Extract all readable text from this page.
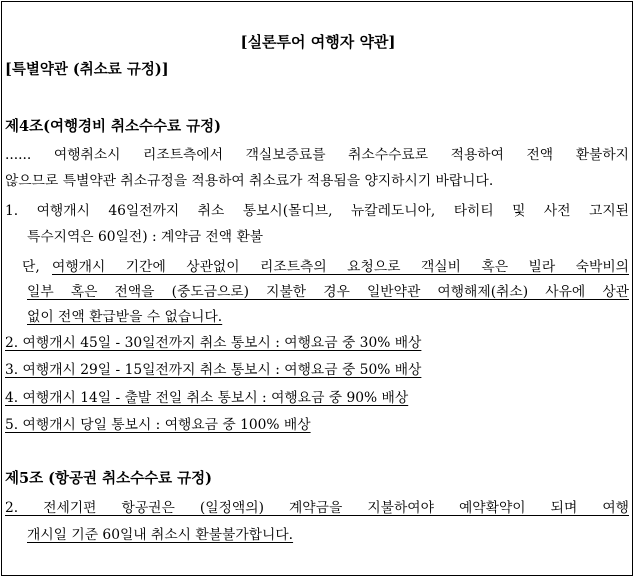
[실론투어 여행자 약관]
[특별약관 (취소료 규정)]
제4조(여행경비 취소수수료 규정)
...... 여행취소시 리조트측에서 객실보증료를 취소수수료로 적용하여 전액 환불하지
않으므로 특별약관 취소규정을 적용하여 취소료가 적용됨을 양지하시기 바랍니다.
1. 여행개시 46일전까지 취소 통보시(몰디브, 뉴칼레도니아, 타히티 및 사전 고지된
특수지역은 60일전) : 계약금 전액 환불
단, 여행개시 기간에 상관없이 리조트측의 요청으로 객실비 혹은 빌라 숙박비의
일부 혹은 전액을 (중도금으로) 지불한 경우 일반약관 여행해제(취소) 사유에 상관
없이 전액 환급받을 수 없습니다.
2. 여행개시 45일 - 30일전까지 취소 통보시 : 여행요금 중 30% 배상
3. 여행개시 29일 - 15일전까지 취소 통보시 : 여행요금 중 50% 배상
4. 여행개시 14일 - 출발 전일 취소 통보시 : 여행요금 중 90% 배상
5. 여행개시 당일 통보시 : 여행요금 중 100% 배상
제5조 (항공권 취소수수료 규정)
2. 전세기편 항공권은 (일정액의) 계약금을 지불하여야 예약확약이 되며 여행
개시일 기준 60일내 취소시 환불불가합니다.
